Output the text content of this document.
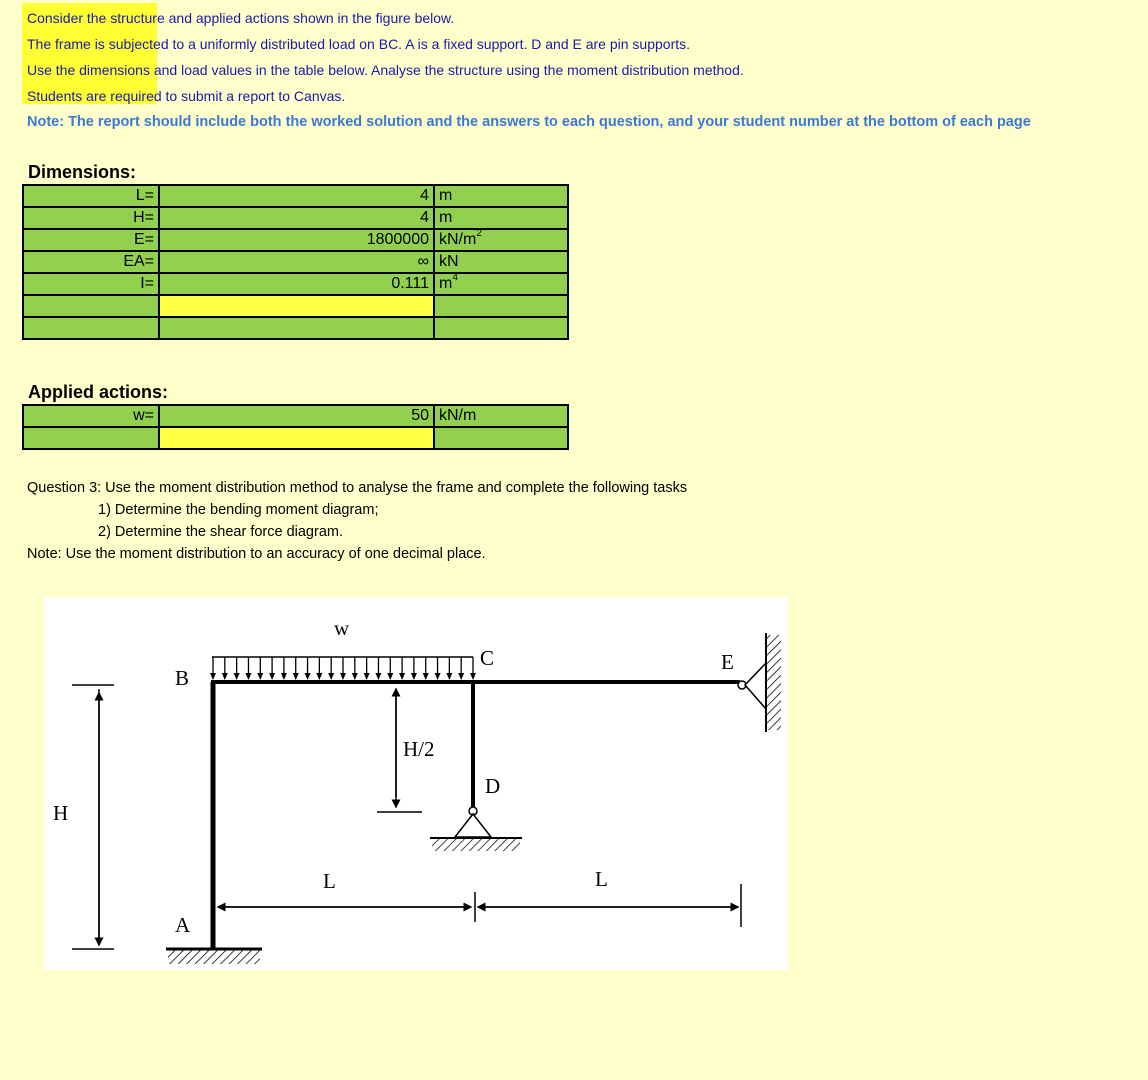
Consider the structure and applied actions shown in the figure below.
The frame is subjected to a uniformly distributed load on BC. A is a fixed support. D and E are pin supports.
Use the dimensions and load values in the table below. Analyse the structure using the moment distribution method.
Students are required to submit a report to Canvas.
Note: The report should include both the worked solution and the answers to each question, and your student number at the bottom of each page
Dimensions:
L=	4	m
H=	4	m
E=	1800000	$kN/m^2$
EA=	∞	kN
I=	0.111	$m^4$

Applied actions:
w=	50	kN/m

Question 3: Use the moment distribution method to analyse the frame and complete the following tasks
1) Determine the bending moment diagram;
2) Determine the shear force diagram.
Note: Use the moment distribution to an accuracy of one decimal place.
w
B
C	E
D
A
H
H/2
L	L
